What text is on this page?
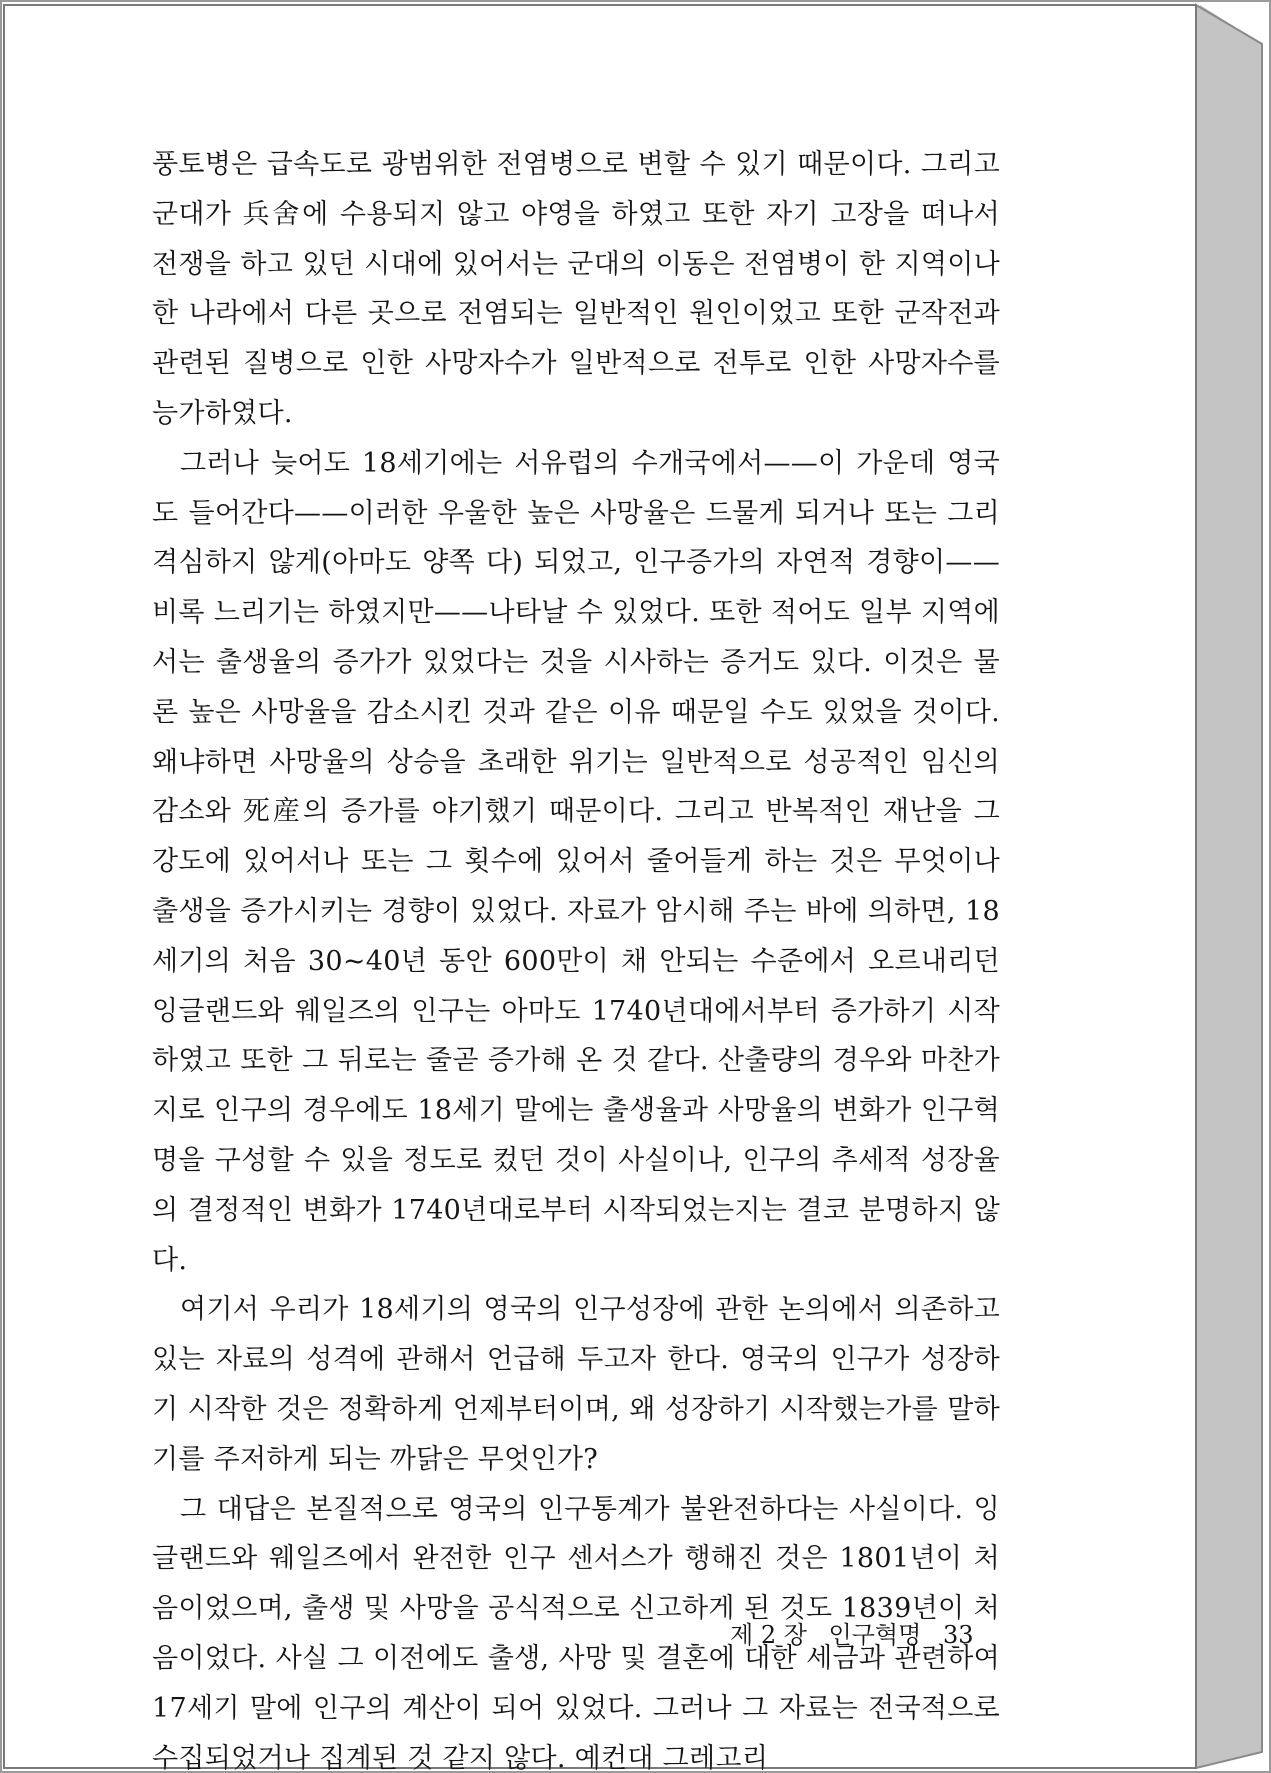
풍토병은 급속도로 광범위한 전염병으로 변할 수 있기 때문이다. 그리고 군대가 兵舍에 수용되지 않고 야영을 하였고 또한 자기 고장을 떠나서 전쟁을 하고 있던 시대에 있어서는 군대의 이동은 전염병이 한 지역이나 한 나라에서 다른 곳으로 전염되는 일반적인 원인이었고 또한 군작전과 관련된 질병으로 인한 사망자수가 일반적으로 전투로 인한 사망자수를 능가하였다.

그러나 늦어도 18세기에는 서유럽의 수개국에서——이 가운데 영국도 들어간다——이러한 우울한 높은 사망율은 드물게 되거나 또는 그리 격심하지 않게(아마도 양쪽 다) 되었고, 인구증가의 자연적 경향이——비록 느리기는 하였지만——나타날 수 있었다. 또한 적어도 일부 지역에서는 출생율의 증가가 있었다는 것을 시사하는 증거도 있다. 이것은 물론 높은 사망율을 감소시킨 것과 같은 이유 때문일 수도 있었을 것이다. 왜냐하면 사망율의 상승을 초래한 위기는 일반적으로 성공적인 임신의 감소와 死産의 증가를 야기했기 때문이다. 그리고 반복적인 재난을 그 강도에 있어서나 또는 그 횟수에 있어서 줄어들게 하는 것은 무엇이나 출생을 증가시키는 경향이 있었다. 자료가 암시해 주는 바에 의하면, 18세기의 처음 30~40년 동안 600만이 채 안되는 수준에서 오르내리던 잉글랜드와 웨일즈의 인구는 아마도 1740년대에서부터 증가하기 시작하였고 또한 그 뒤로는 줄곧 증가해 온 것 같다. 산출량의 경우와 마찬가지로 인구의 경우에도 18세기 말에는 출생율과 사망율의 변화가 인구혁명을 구성할 수 있을 정도로 컸던 것이 사실이나, 인구의 추세적 성장율의 결정적인 변화가 1740년대로부터 시작되었는지는 결코 분명하지 않다.

여기서 우리가 18세기의 영국의 인구성장에 관한 논의에서 의존하고 있는 자료의 성격에 관해서 언급해 두고자 한다. 영국의 인구가 성장하기 시작한 것은 정확하게 언제부터이며, 왜 성장하기 시작했는가를 말하기를 주저하게 되는 까닭은 무엇인가?

그 대답은 본질적으로 영국의 인구통계가 불완전하다는 사실이다. 잉글랜드와 웨일즈에서 완전한 인구 센서스가 행해진 것은 1801년이 처음이었으며, 출생 및 사망을 공식적으로 신고하게 된 것도 1839년이 처음이었다. 사실 그 이전에도 출생, 사망 및 결혼에 대한 세금과 관련하여 17세기 말에 인구의 계산이 되어 있었다. 그러나 그 자료는 전국적으로 수집되었거나 집계된 것 같지 않다. 예컨대 그레고리

제 2 장 인구혁명 33
